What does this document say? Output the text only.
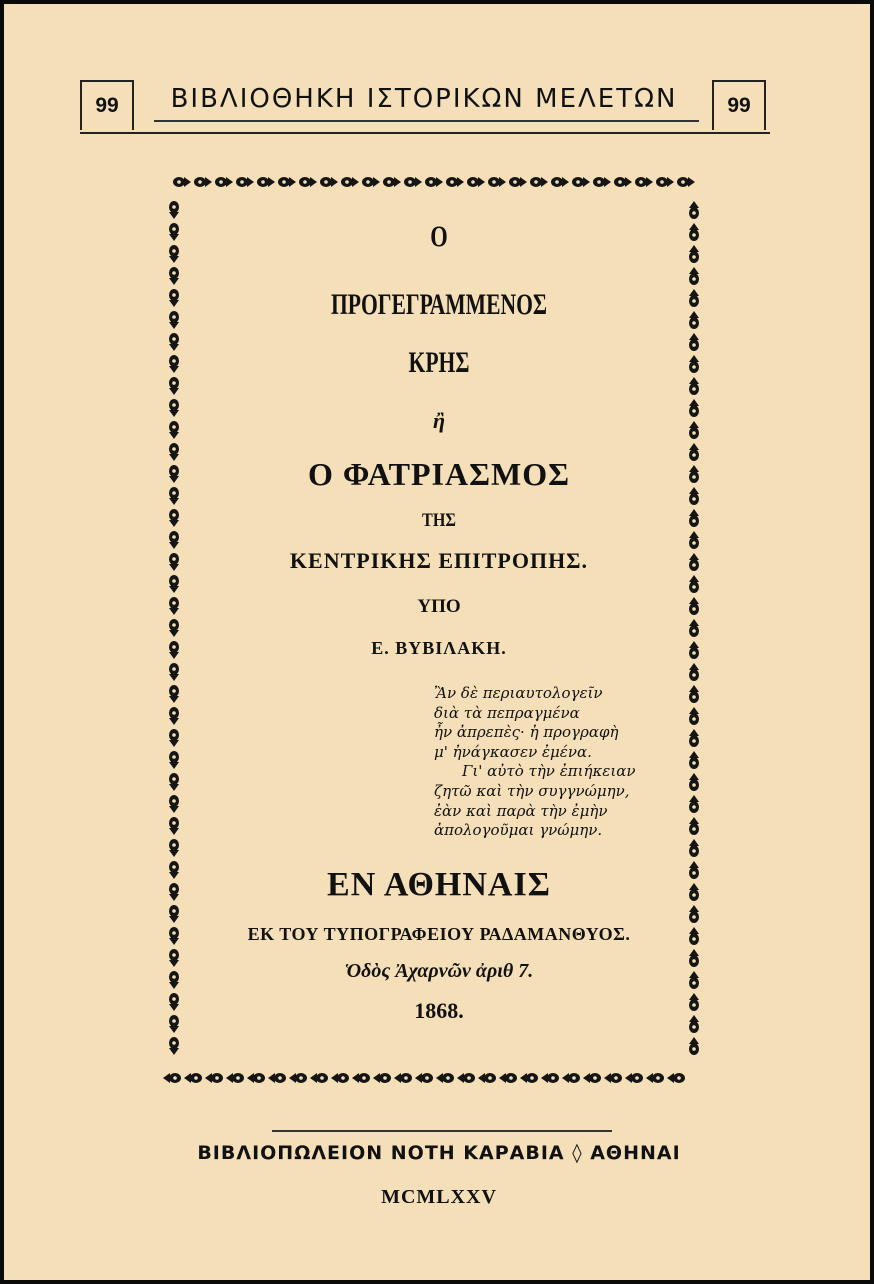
99	ΒΙΒΛΙΟΘΗΚΗ ΙΣΤΟΡΙΚΩΝ ΜΕΛΕΤΩΝ	99
Ο
ΠΡΟΓΕΓΡΑΜΜΕΝΟΣ
ΚΡΗΣ
ἢ
Ο ΦΑΤΡΙΑΣΜΟΣ
ΤΗΣ
ΚΕΝΤΡΙΚΗΣ ΕΠΙΤΡΟΠΗΣ.
ΥΠΟ
Ε. ΒΥΒΙΛΑΚΗ.
Ἂν δὲ περιαυτολογεῖν
διὰ τὰ πεπραγμένα
ἦν ἀπρεπὲς· ἡ προγραφὴ
μ' ἠνάγκασεν ἐμένα.
Γι' αὐτὸ τὴν ἐπιήκειαν
ζητῶ καὶ τὴν συγγνώμην,
ἐὰν καὶ παρὰ τὴν ἐμὴν
ἀπολογοῦμαι γνώμην.
ΕΝ ΑΘΗΝΑΙΣ
ΕΚ ΤΟΥ ΤΥΠΟΓΡΑΦΕΙΟΥ ΡΑΔΑΜΑΝΘΥΟΣ.
Ὁδὸς Ἀχαρνῶν ἀριθ 7.
1868.
ΒΙΒΛΙΟΠΩΛΕΙΟΝ ΝΟΤΗ ΚΑΡΑΒΙΑ ◊ ΑΘΗΝΑΙ
MCMLXXV
